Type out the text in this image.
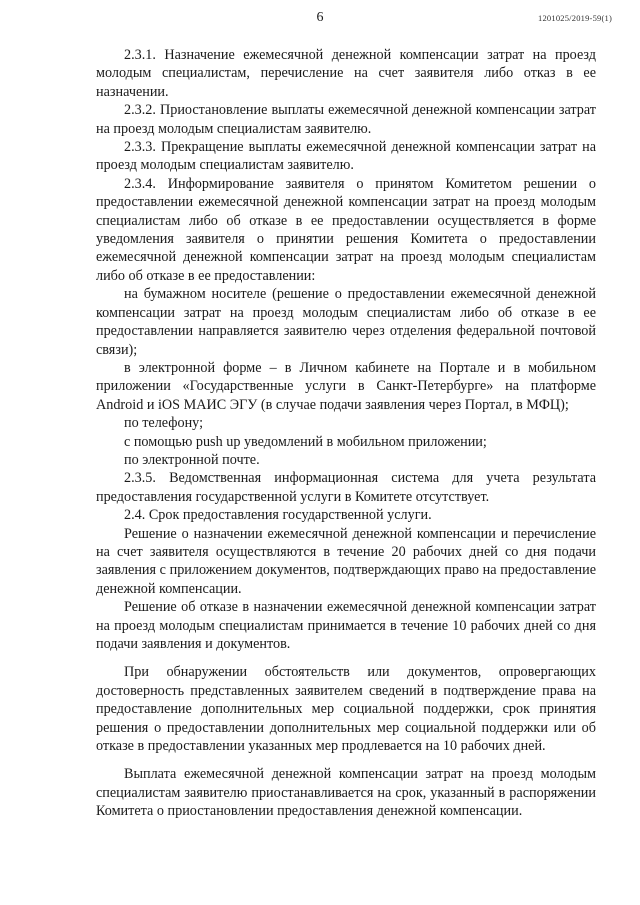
6	1201025/2019-59(1)

2.3.1. Назначение ежемесячной денежной компенсации затрат на проезд молодым специалистам, перечисление на счет заявителя либо отказ в ее назначении.

2.3.2. Приостановление выплаты ежемесячной денежной компенсации затрат на проезд молодым специалистам заявителю.

2.3.3. Прекращение выплаты ежемесячной денежной компенсации затрат на проезд молодым специалистам заявителю.

2.3.4. Информирование заявителя о принятом Комитетом решении о предоставлении ежемесячной денежной компенсации затрат на проезд молодым специалистам либо об отказе в ее предоставлении осуществляется в форме уведомления заявителя о принятии решения Комитета о предоставлении ежемесячной денежной компенсации затрат на проезд молодым специалистам либо об отказе в ее предоставлении:

на бумажном носителе (решение о предоставлении ежемесячной денежной компенсации затрат на проезд молодым специалистам либо об отказе в ее предоставлении направляется заявителю через отделения федеральной почтовой связи);

в электронной форме – в Личном кабинете на Портале и в мобильном приложении «Государственные услуги в Санкт-Петербурге» на платформе Android и iOS МАИС ЭГУ (в случае подачи заявления через Портал, в МФЦ);

по телефону;

с помощью push up уведомлений в мобильном приложении;

по электронной почте.

2.3.5. Ведомственная информационная система для учета результата предоставления государственной услуги в Комитете отсутствует.

2.4. Срок предоставления государственной услуги.

Решение о назначении ежемесячной денежной компенсации и перечисление на счет заявителя осуществляются в течение 20 рабочих дней со дня подачи заявления с приложением документов, подтверждающих право на предоставление денежной компенсации.

Решение об отказе в назначении ежемесячной денежной компенсации затрат на проезд молодым специалистам принимается в течение 10 рабочих дней со дня подачи заявления и документов.

При обнаружении обстоятельств или документов, опровергающих достоверность представленных заявителем сведений в подтверждение права на предоставление дополнительных мер социальной поддержки, срок принятия решения о предоставлении дополнительных мер социальной поддержки или об отказе в предоставлении указанных мер продлевается на 10 рабочих дней.

Выплата ежемесячной денежной компенсации затрат на проезд молодым специалистам заявителю приостанавливается на срок, указанный в распоряжении Комитета о приостановлении предоставления денежной компенсации.
